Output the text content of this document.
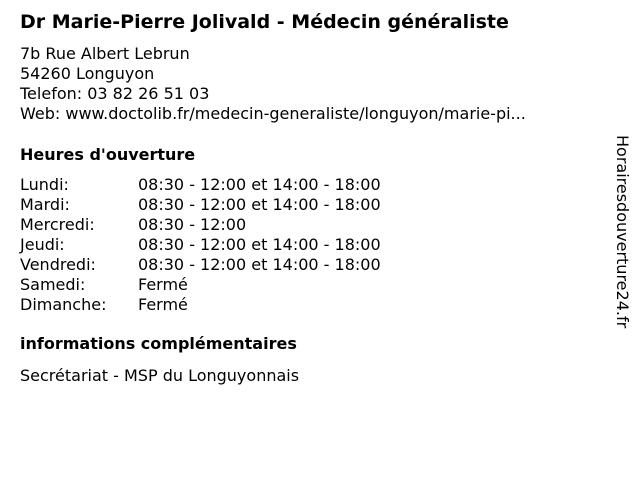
Dr Marie-Pierre Jolivald - Médecin généraliste
7b Rue Albert Lebrun
54260 Longuyon
Telefon: 03 82 26 51 03
Web: www.doctolib.fr/medecin-generaliste/longuyon/marie-pi...
Heures d'ouverture
Lundi:	08:30 - 12:00 et 14:00 - 18:00
Mardi:	08:30 - 12:00 et 14:00 - 18:00
Mercredi:	08:30 - 12:00
Jeudi:	08:30 - 12:00 et 14:00 - 18:00
Vendredi:	08:30 - 12:00 et 14:00 - 18:00
Samedi:	Fermé
Dimanche:	Fermé
informations complémentaires
Secrétariat - MSP du Longuyonnais
Horairesdouverture24.fr
